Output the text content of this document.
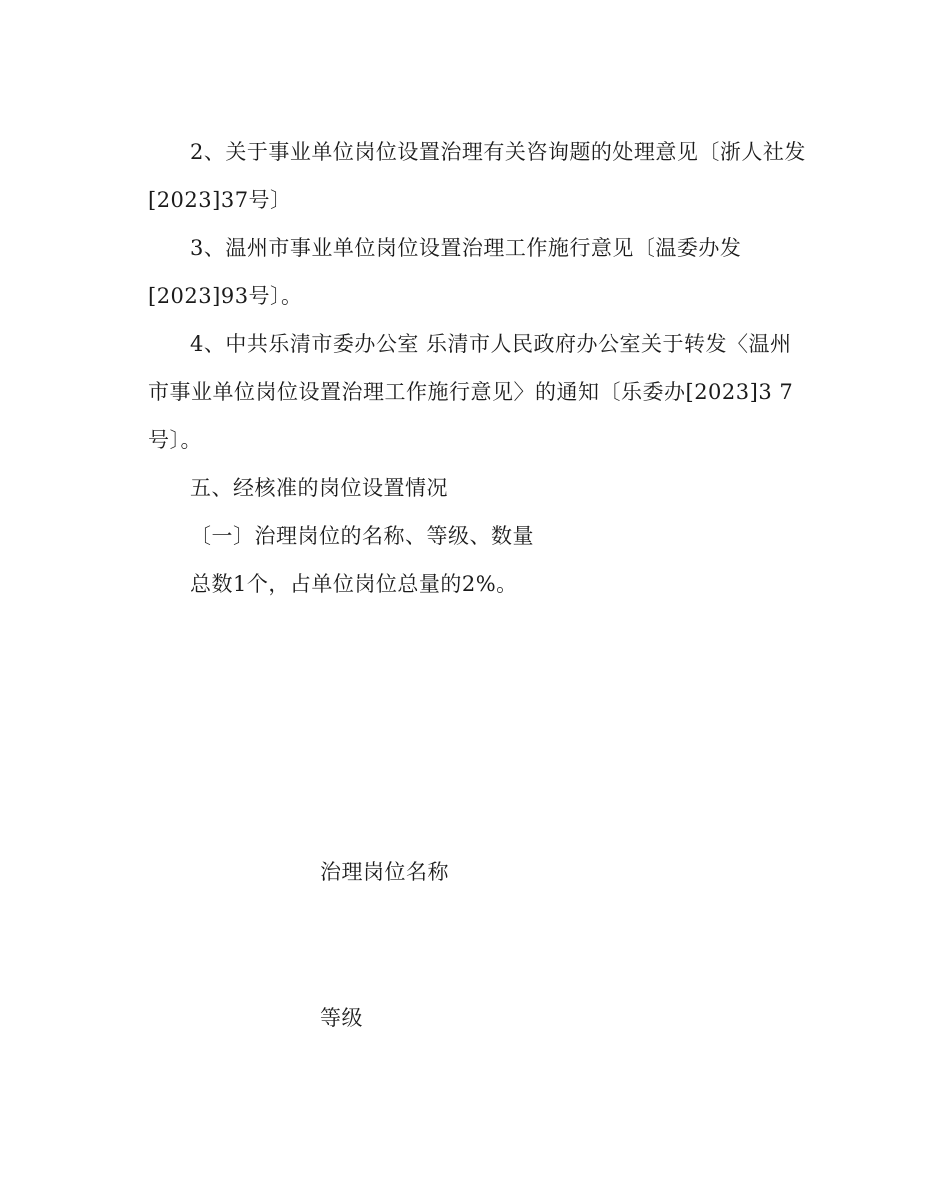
2、关于事业单位岗位设置治理有关咨询题的处理意见〔浙人社发[2023]37号〕

3、温州市事业单位岗位设置治理工作施行意见〔温委办发[2023]93号〕。

4、中共乐清市委办公室 乐清市人民政府办公室关于转发〈温州市事业单位岗位设置治理工作施行意见〉的通知〔乐委办[2023]3 7号〕。

五、经核准的岗位设置情况

〔一〕治理岗位的名称、等级、数量

总数1个，占单位岗位总量的2%。

治理岗位名称
等级
